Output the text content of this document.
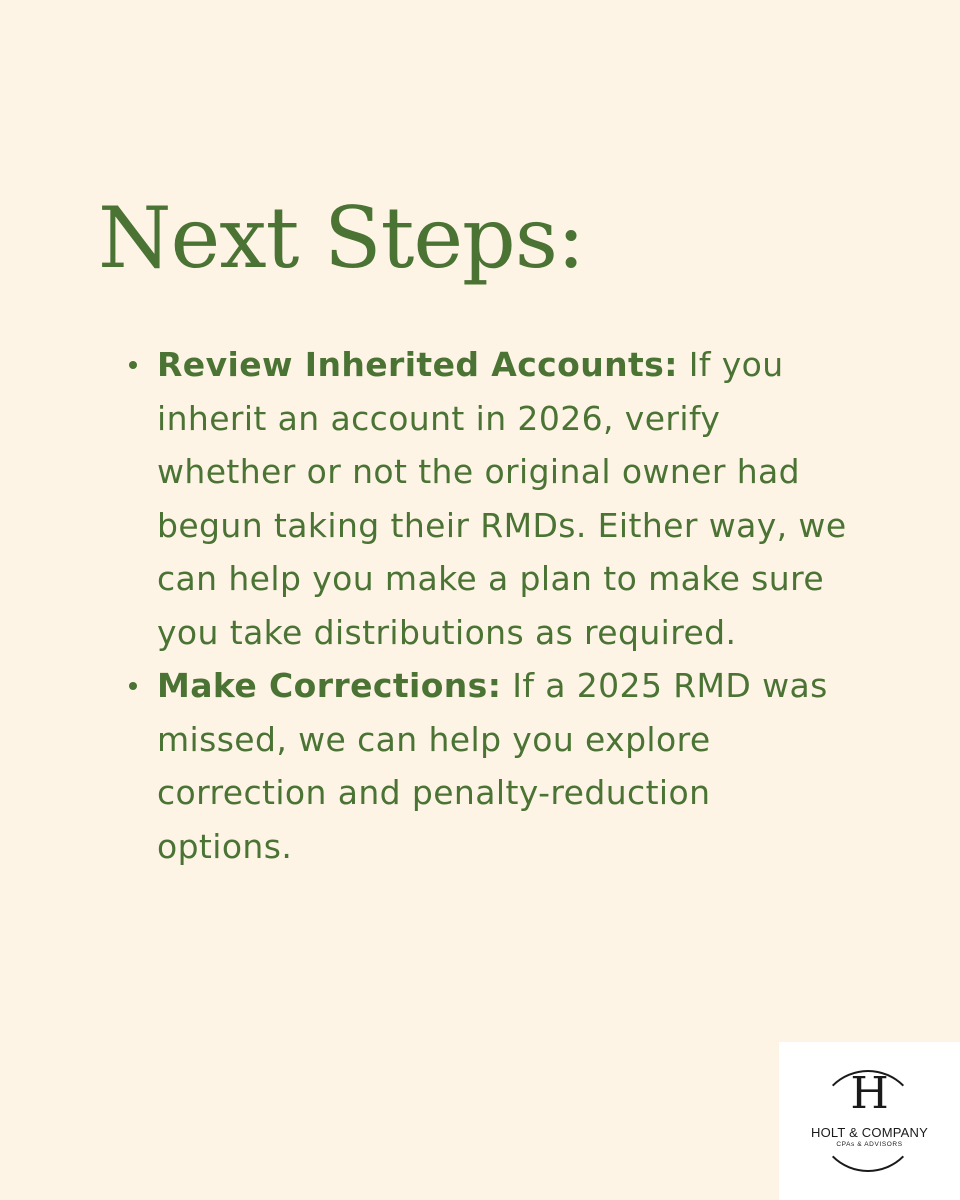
Next Steps:
Review Inherited Accounts: If you inherit an account in 2026, verify whether or not the original owner had begun taking their RMDs. Either way, we can help you make a plan to make sure you take distributions as required.
Make Corrections: If a 2025 RMD was missed, we can help you explore correction and penalty-reduction options.
H
HOLT & COMPANY
CPAs & ADVISORS
